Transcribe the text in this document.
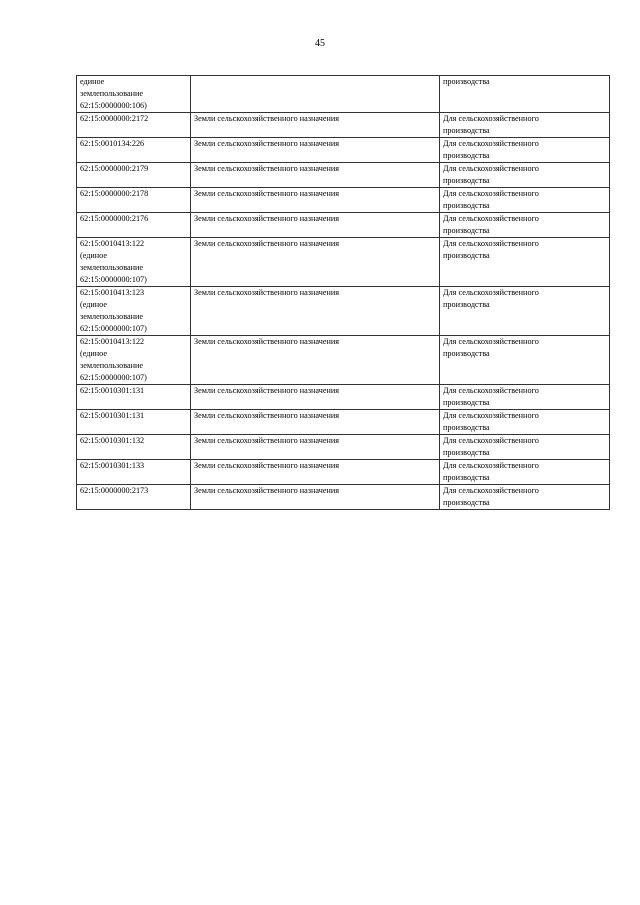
45
единое
землепользование
62:15:0000000:106)		производства
62:15:0000000:2172	Земли сельскохозяйственного назначения	Для сельскохозяйственного
производства
62:15:0010134:226	Земли сельскохозяйственного назначения	Для сельскохозяйственного
производства
62:15:0000000:2179	Земли сельскохозяйственного назначения	Для сельскохозяйственного
производства
62:15:0000000:2178	Земли сельскохозяйственного назначения	Для сельскохозяйственного
производства
62:15:0000000:2176	Земли сельскохозяйственного назначения	Для сельскохозяйственного
производства
62:15:0010413:122
(единое
землепользование
62:15:0000000:107)	Земли сельскохозяйственного назначения	Для сельскохозяйственного
производства
62:15:0010413:123
(единое
землепользование
62:15:0000000:107)	Земли сельскохозяйственного назначения	Для сельскохозяйственного
производства
62:15:0010413:122
(единое
землепользование
62:15:0000000:107)	Земли сельскохозяйственного назначения	Для сельскохозяйственного
производства
62:15:0010301:131	Земли сельскохозяйственного назначения	Для сельскохозяйственного
производства
62:15:0010301:131	Земли сельскохозяйственного назначения	Для сельскохозяйственного
производства
62:15:0010301:132	Земли сельскохозяйственного назначения	Для сельскохозяйственного
производства
62:15:0010301:133	Земли сельскохозяйственного назначения	Для сельскохозяйственного
производства
62:15:0000000:2173	Земли сельскохозяйственного назначения	Для сельскохозяйственного
производства
